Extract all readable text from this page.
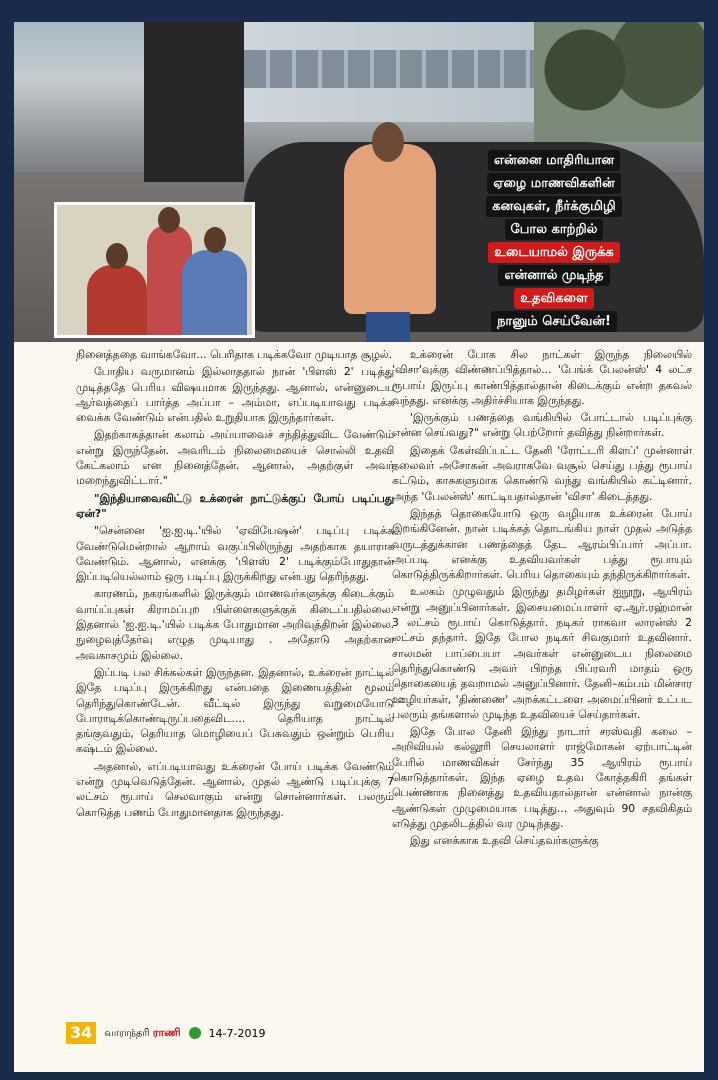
என்னை மாதிரியான
ஏழை மாணவிகளின்
கனவுகள், நீர்க்குமிழி
போல காற்றில்
உடையாமல் இருக்க
என்னால் முடிந்த
உதவிகளை
நானும் செய்வேன்!

நினைத்ததை வாங்கவோ... பெரிதாக படிக்கவோ முடியாத சூழல்.

போதிய வருமானம் இல்லாததால் நான் 'பிளஸ் 2' படித்து முடித்ததே பெரிய விஷயமாக இருந்தது. ஆனால், என்னுடைய ஆர்வத்தைப் பார்த்த அப்பா – அம்மா, எப்படியாவது படிக்க வைக்க வேண்டும் என்பதில் உறுதியாக இருந்தார்கள்.

இதற்காகத்தான் கலாம் அய்யாவைச் சந்தித்துவிட வேண்டும் என்று இருந்தேன். அவரிடம் நிலைமையைச் சொல்லி உதவி கேட்கலாம் என நினைத்தேன். ஆனால், அதற்குள் அவர் மறைந்துவிட்டார்."

"இந்தியாவைவிட்டு உக்ரைன் நாட்டுக்குப் போய் படிப்பது ஏன்?"

"சென்னை 'ஐ.ஐ.டி.'யில் 'ஏவியேஷன்' படிப்பு படிக்க வேண்டுமென்றால் ஆறாம் வகுப்பிலிருந்து அதற்காக தயாராக வேண்டும். ஆனால், எனக்கு 'பிளஸ் 2' படிக்கும்போதுதான் இப்படியெல்லாம் ஒரு படிப்பு இருக்கிறது என்பது தெரிந்தது.

காரணம், நகரங்களில் இருக்கும் மாணவர்களுக்கு கிடைக்கும் வாய்ப்புகள் கிராமப்புற பிள்ளைகளுக்குக் கிடைப்பதில்லை. இதனால் 'ஐ.ஐ.டி.'யில் படிக்க போதுமான அறிவுத்திறன் இல்லை. நுழைவுத்தேர்வு எழுத முடியாது . அதோடு அதற்கான அவகாசமும் இல்லை.

இப்படி பல சிக்கல்கள் இருந்தன. இதனால், உக்ரைன் நாட்டில் இதே படிப்பு இருக்கிறது என்பதை இணையத்தின் மூலம் தெரிந்துகொண்டேன். வீட்டில் இருந்து வறுமையோடு போராடிக்கொண்டிருப்பதைவிட.... தெரியாத நாட்டில் தங்குவதும், தெரியாத மொழியைப் பேசுவதும் ஒன்றும் பெரிய கஷ்டம் இல்லை.

அதனால், எப்படியாவது உக்ரைன் போய் படிக்க வேண்டும் என்று முடிவெடுத்தேன். ஆனால், முதல் ஆண்டு படிப்புக்கு 7 லட்சம் ரூபாய் செலவாகும் என்று சொன்னார்கள். பலரும் கொடுத்த பணம் போதுமானதாக இருந்தது.

உக்ரைன் போக சில நாட்கள் இருந்த நிலையில் 'விசா'வுக்கு விண்ணப்பித்தால்... 'பேங்க் பேலன்ஸ்' 4 லட்ச ரூபாய் இருப்பு காண்பித்தால்தான் கிடைக்கும் என்ற தகவல் வந்தது. எனக்கு அதிர்ச்சியாக இருந்தது.

'இருக்கும் பணத்தை வங்கியில் போட்டால் படிப்புக்கு என்ன செய்வது?" என்று பெற்றோர் தவித்து நின்றார்கள்.

இதைக் கேள்விப்பட்ட தேனி 'ரோட்டரி கிளப்' முன்னாள் தலைவர் அசோகன் அவராகவே வசூல் செய்து பத்து ரூபாய் கட்டும், காசுகளுமாக கொண்டு வந்து வங்கியில் கட்டினார். அந்த 'பேலன்ஸ்' காட்டியதால்தான் 'விசா' கிடைத்தது.

இந்தத் தொகையோடு ஒரு வழியாக உக்ரைன் போய் இறங்கினேன். நான் படிக்கத் தொடங்கிய நாள் முதல் அடுத்த வருடத்துக்கான பணத்தைத் தேட ஆரம்பிப்பார் அப்பா. அப்படி எனக்கு உதவியவர்கள் பத்து ரூபாயும் கொடுத்திருக்கிறார்கள். பெரிய தொகையும் தந்திருக்கிறார்கள்.

உலகம் முழுவதும் இருந்து தமிழர்கள் ஐநூறு, ஆயிரம் என்று அனுப்பினார்கள். இசையமைப்பாளர் ஏ.ஆர்.ரஹ்மான் 3 லட்சம் ரூபாய் கொடுத்தார். நடிகர் ராகவா லாரன்ஸ் 2 லட்சம் தந்தார். இதே போல நடிகர் சிவகுமார் உதவினார். சாலமன் பாப்பையா அவர்கள் என்னுடைய நிலைமை தெரிந்துகொண்டு அவர் பிறந்த பிப்ரவரி மாதம் ஒரு தொகையைத் தவறாமல் அனுப்பினார். தேனி–கம்பம் மின்சார ஊழியர்கள், 'திண்ணை' அறக்கட்டளை அமைப்பினர் உட்பட பலரும் தங்களால் முடிந்த உதவியைச் செய்தார்கள்.

இதே போல தேனி இந்து நாடார் சரஸ்வதி கலை – அறிவியல் கல்லூரி செயலாளர் ராஜ்மோகன் ஏற்பாட்டின் பேரில் மாணவிகள் சேர்ந்து 35 ஆயிரம் ரூபாய் கொடுத்தார்கள். இந்த ஏழை உதவ கோத்தகிரி தங்கள் பெண்ணாக நினைத்து உதவியதால்தான் என்னால் நான்கு ஆண்டுகள் முழுமையாக படித்து... அதுவும் 90 சதவிகிதம் எடுத்து முதலிடத்தில் வர முடிந்தது.

இது எனக்காக உதவி செய்தவர்களுக்கு

34	வாராந்தரி ராணி	14-7-2019
